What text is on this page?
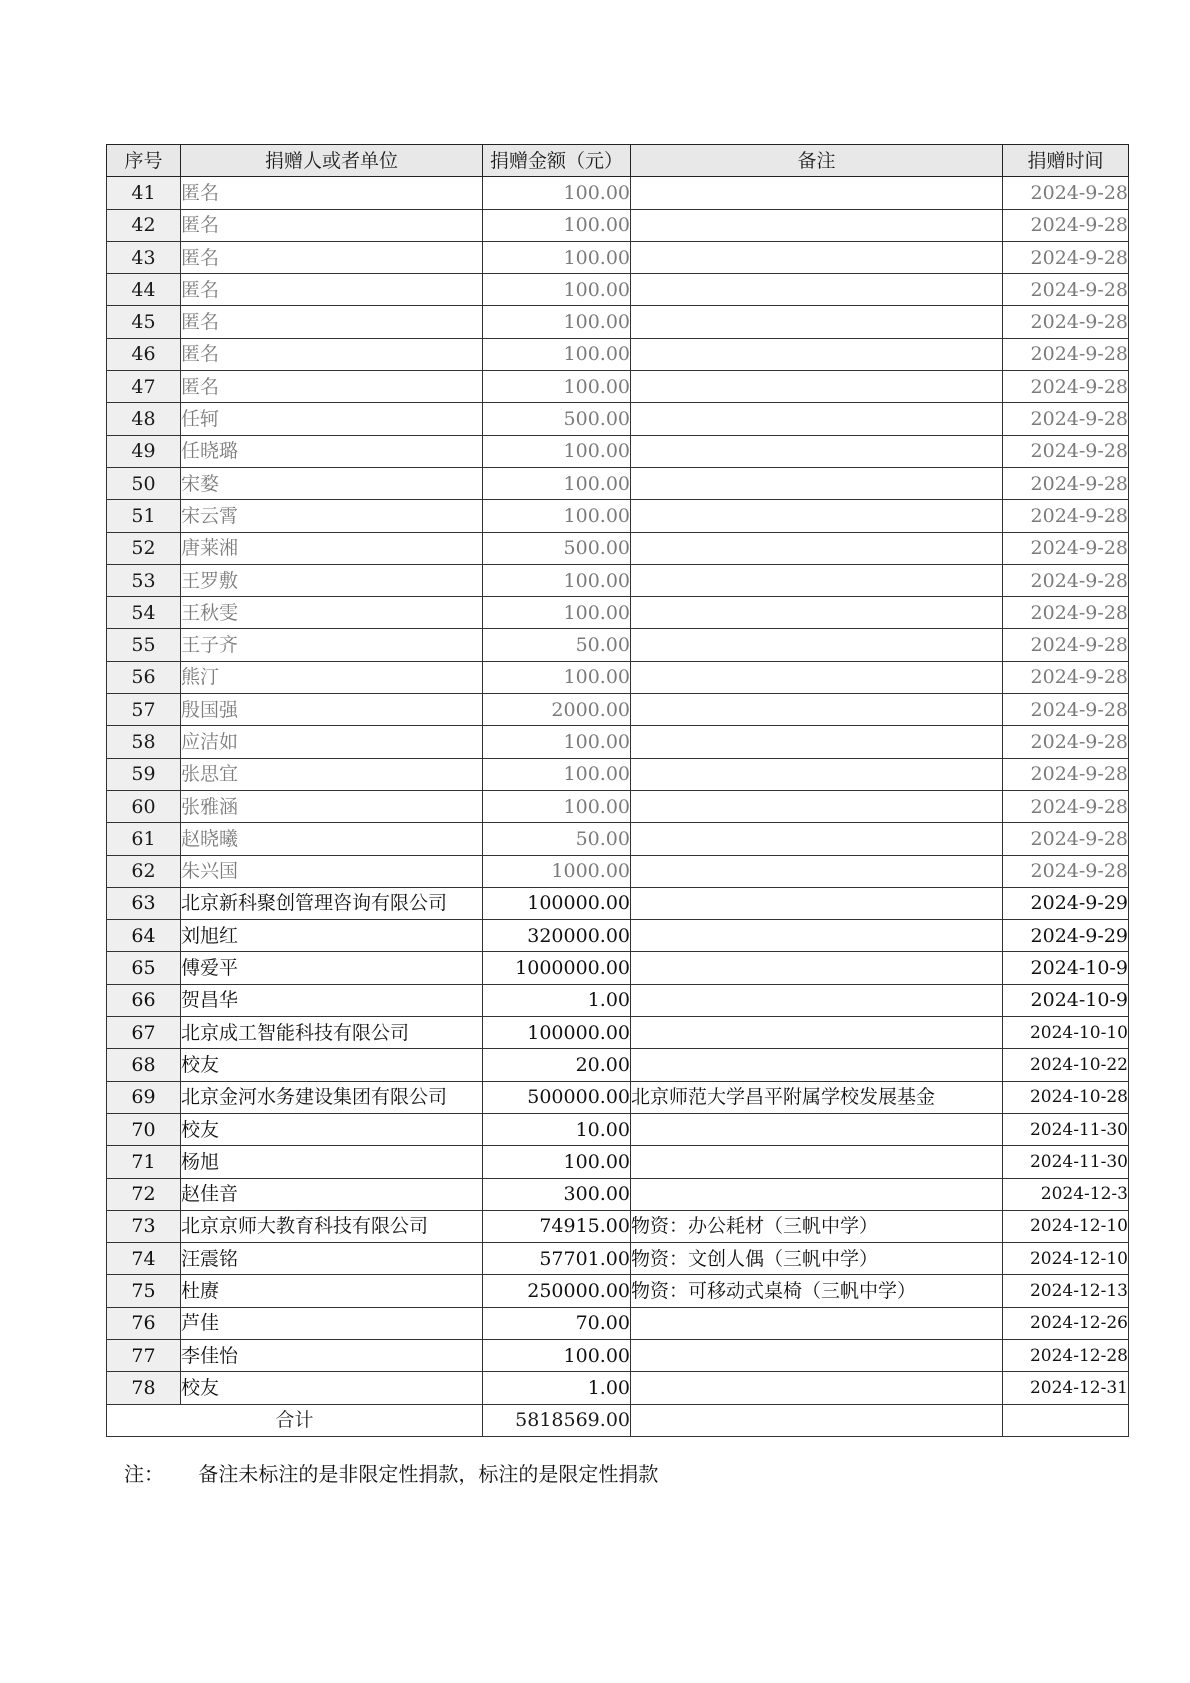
序号	捐赠人或者单位	捐赠金额（元）	备注	捐赠时间
41	匿名	100.00		2024-9-28
42	匿名	100.00		2024-9-28
43	匿名	100.00		2024-9-28
44	匿名	100.00		2024-9-28
45	匿名	100.00		2024-9-28
46	匿名	100.00		2024-9-28
47	匿名	100.00		2024-9-28
48	任轲	500.00		2024-9-28
49	任晓璐	100.00		2024-9-28
50	宋婺	100.00		2024-9-28
51	宋云霄	100.00		2024-9-28
52	唐莱湘	500.00		2024-9-28
53	王罗敷	100.00		2024-9-28
54	王秋雯	100.00		2024-9-28
55	王子齐	50.00		2024-9-28
56	熊汀	100.00		2024-9-28
57	殷国强	2000.00		2024-9-28
58	应洁如	100.00		2024-9-28
59	张思宜	100.00		2024-9-28
60	张雅涵	100.00		2024-9-28
61	赵晓曦	50.00		2024-9-28
62	朱兴国	1000.00		2024-9-28
63	北京新科聚创管理咨询有限公司	100000.00		2024-9-29
64	刘旭红	320000.00		2024-9-29
65	傅爱平	1000000.00		2024-10-9
66	贺昌华	1.00		2024-10-9
67	北京成工智能科技有限公司	100000.00		2024-10-10
68	校友	20.00		2024-10-22
69	北京金河水务建设集团有限公司	500000.00	北京师范大学昌平附属学校发展基金	2024-10-28
70	校友	10.00		2024-11-30
71	杨旭	100.00		2024-11-30
72	赵佳音	300.00		2024-12-3
73	北京京师大教育科技有限公司	74915.00	物资：办公耗材（三帆中学）	2024-12-10
74	汪震铭	57701.00	物资：文创人偶（三帆中学）	2024-12-10
75	杜赓	250000.00	物资：可移动式桌椅（三帆中学）	2024-12-13
76	芦佳	70.00		2024-12-26
77	李佳怡	100.00		2024-12-28
78	校友	1.00		2024-12-31
合计		5818569.00		
注： 备注未标注的是非限定性捐款，标注的是限定性捐款
